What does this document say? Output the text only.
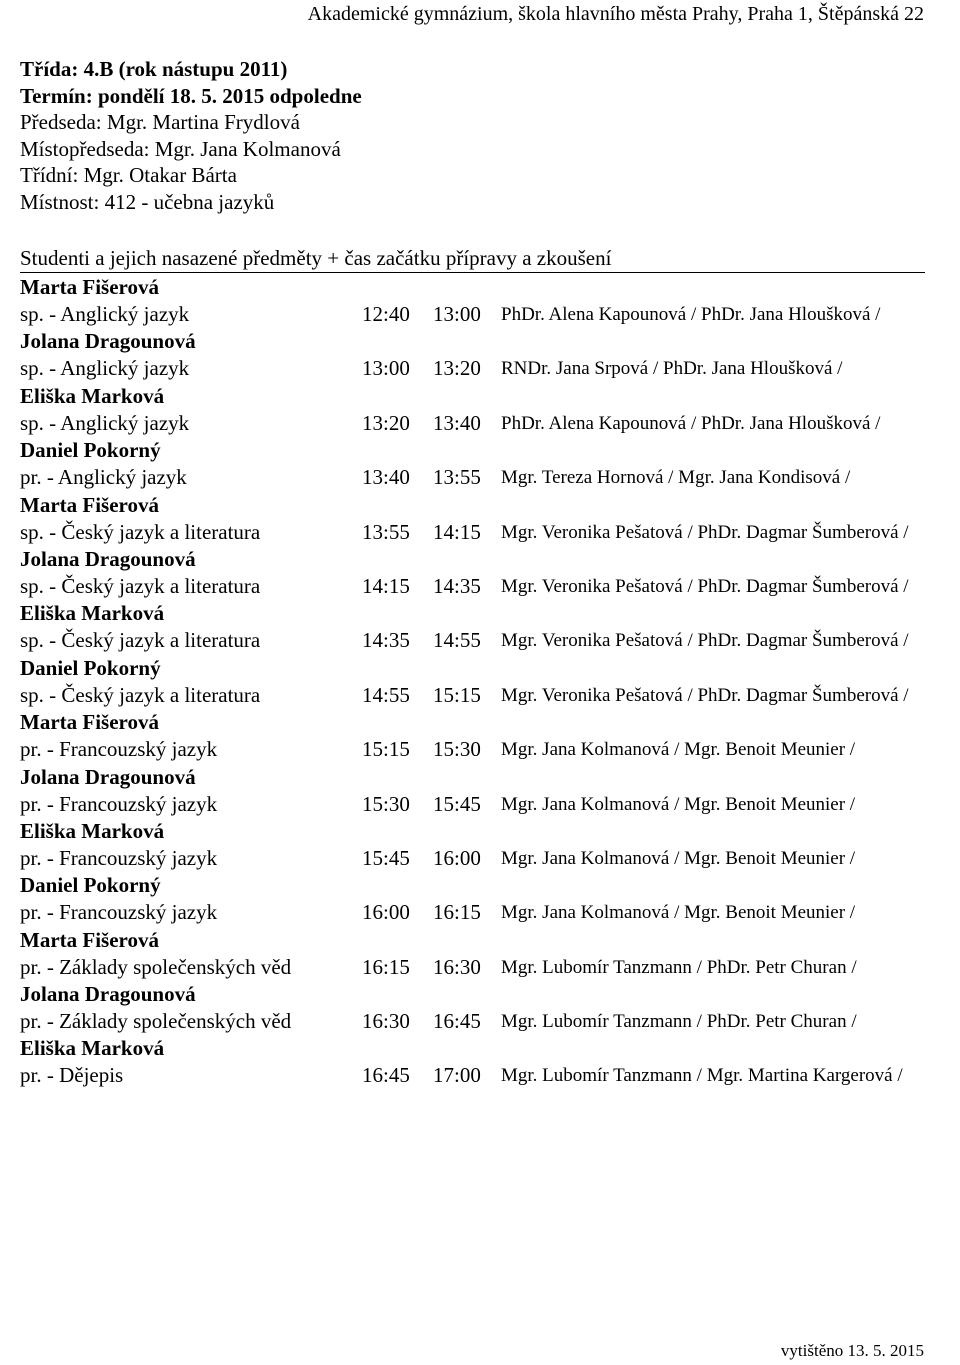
Akademické gymnázium, škola hlavního města Prahy, Praha 1, Štěpánská 22
Třída: 4.B (rok nástupu 2011)
Termín: pondělí 18. 5. 2015 odpoledne
Předseda: Mgr. Martina Frydlová
Místopředseda: Mgr. Jana Kolmanová
Třídní: Mgr. Otakar Bárta
Místnost: 412 - učebna jazyků
Studenti a jejich nasazené předměty + čas začátku přípravy a zkoušení
Marta Fišerová
sp. - Anglický jazyk	12:40 13:00 PhDr. Alena Kapounová / PhDr. Jana Hloušková /
Jolana Dragounová
sp. - Anglický jazyk	13:00 13:20 RNDr. Jana Srpová / PhDr. Jana Hloušková /
Eliška Marková
sp. - Anglický jazyk	13:20 13:40 PhDr. Alena Kapounová / PhDr. Jana Hloušková /
Daniel Pokorný
pr. - Anglický jazyk	13:40 13:55 Mgr. Tereza Hornová / Mgr. Jana Kondisová /
Marta Fišerová
sp. - Český jazyk a literatura	13:55 14:15 Mgr. Veronika Pešatová / PhDr. Dagmar Šumberová /
Jolana Dragounová
sp. - Český jazyk a literatura	14:15 14:35 Mgr. Veronika Pešatová / PhDr. Dagmar Šumberová /
Eliška Marková
sp. - Český jazyk a literatura	14:35 14:55 Mgr. Veronika Pešatová / PhDr. Dagmar Šumberová /
Daniel Pokorný
sp. - Český jazyk a literatura	14:55 15:15 Mgr. Veronika Pešatová / PhDr. Dagmar Šumberová /
Marta Fišerová
pr. - Francouzský jazyk	15:15 15:30 Mgr. Jana Kolmanová / Mgr. Benoit Meunier /
Jolana Dragounová
pr. - Francouzský jazyk	15:30 15:45 Mgr. Jana Kolmanová / Mgr. Benoit Meunier /
Eliška Marková
pr. - Francouzský jazyk	15:45 16:00 Mgr. Jana Kolmanová / Mgr. Benoit Meunier /
Daniel Pokorný
pr. - Francouzský jazyk	16:00 16:15 Mgr. Jana Kolmanová / Mgr. Benoit Meunier /
Marta Fišerová
pr. - Základy společenských věd	16:15 16:30 Mgr. Lubomír Tanzmann / PhDr. Petr Churan /
Jolana Dragounová
pr. - Základy společenských věd	16:30 16:45 Mgr. Lubomír Tanzmann / PhDr. Petr Churan /
Eliška Marková
pr. - Dějepis	16:45 17:00 Mgr. Lubomír Tanzmann / Mgr. Martina Kargerová /
vytištěno 13. 5. 2015
